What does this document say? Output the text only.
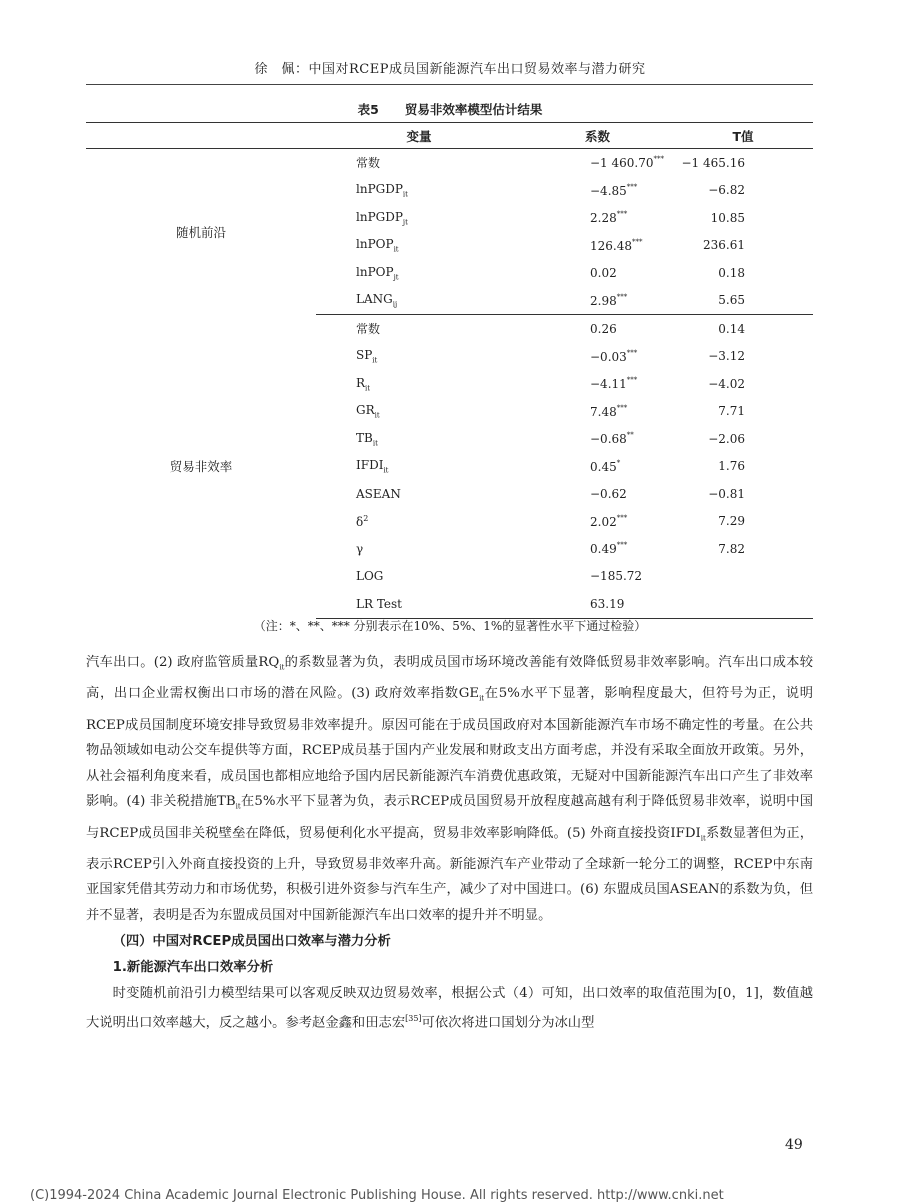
徐　佩：中国对RCEP成员国新能源汽车出口贸易效率与潜力研究
表5 贸易非效率模型估计结果
	变量	系数	T值
随机前沿	常数	−1 460.70***	−1 465.16
	lnPGDP$_{it}$	−4.85***	−6.82
	lnPGDP$_{jt}$	2.28***	10.85
	lnPOP$_{it}$	126.48***	236.61
	lnPOP$_{jt}$	0.02	0.18
	$LANG_{ij}$	2.98***	5.65
贸易非效率	常数	0.26	0.14
	$SP_{it}$	−0.03***	−3.12
	$R_{it}$	−4.11***	−4.02
	$GR_{it}$	7.48***	7.71
	$TB_{it}$	−0.68**	−2.06
	$IFDI_{it}$	0.45*	1.76
	ASEAN	−0.62	−0.81
	$\delta^2$	2.02***	7.29
	γ	0.49***	7.82
	LOG	−185.72	
	LR Test	63.19	
（注：*、**、*** 分别表示在10%、5%、1%的显著性水平下通过检验）

汽车出口。(2) 政府监管质量$RQ_{it}$的系数显著为负，表明成员国市场环境改善能有效降低贸易非效率影响。汽车出口成本较高，出口企业需权衡出口市场的潜在风险。(3) 政府效率指数$GE_{it}$在5%水平下显著，影响程度最大，但符号为正，说明RCEP成员国制度环境安排导致贸易非效率提升。原因可能在于成员国政府对本国新能源汽车市场不确定性的考量。在公共物品领域如电动公交车提供等方面，RCEP成员基于国内产业发展和财政支出方面考虑，并没有采取全面放开政策。另外，从社会福利角度来看，成员国也都相应地给予国内居民新能源汽车消费优惠政策，无疑对中国新能源汽车出口产生了非效率影响。(4) 非关税措施$TB_{it}$在5%水平下显著为负，表示RCEP成员国贸易开放程度越高越有利于降低贸易非效率，说明中国与RCEP成员国非关税壁垒在降低，贸易便利化水平提高，贸易非效率影响降低。(5) 外商直接投资$IFDI_{it}$系数显著但为正，表示RCEP引入外商直接投资的上升，导致贸易非效率升高。新能源汽车产业带动了全球新一轮分工的调整，RCEP中东南亚国家凭借其劳动力和市场优势，积极引进外资参与汽车生产，减少了对中国进口。(6) 东盟成员国ASEAN的系数为负，但并不显著，表明是否为东盟成员国对中国新能源汽车出口效率的提升并不明显。

（四）中国对RCEP成员国出口效率与潜力分析
1.新能源汽车出口效率分析

时变随机前沿引力模型结果可以客观反映双边贸易效率，根据公式（4）可知，出口效率的取值范围为[0，1]，数值越大说明出口效率越大，反之越小。参考赵金鑫和田志宏[35]可依次将进口国划分为冰山型

49
(C)1994-2024 China Academic Journal Electronic Publishing House. All rights reserved. http://www.cnki.net
